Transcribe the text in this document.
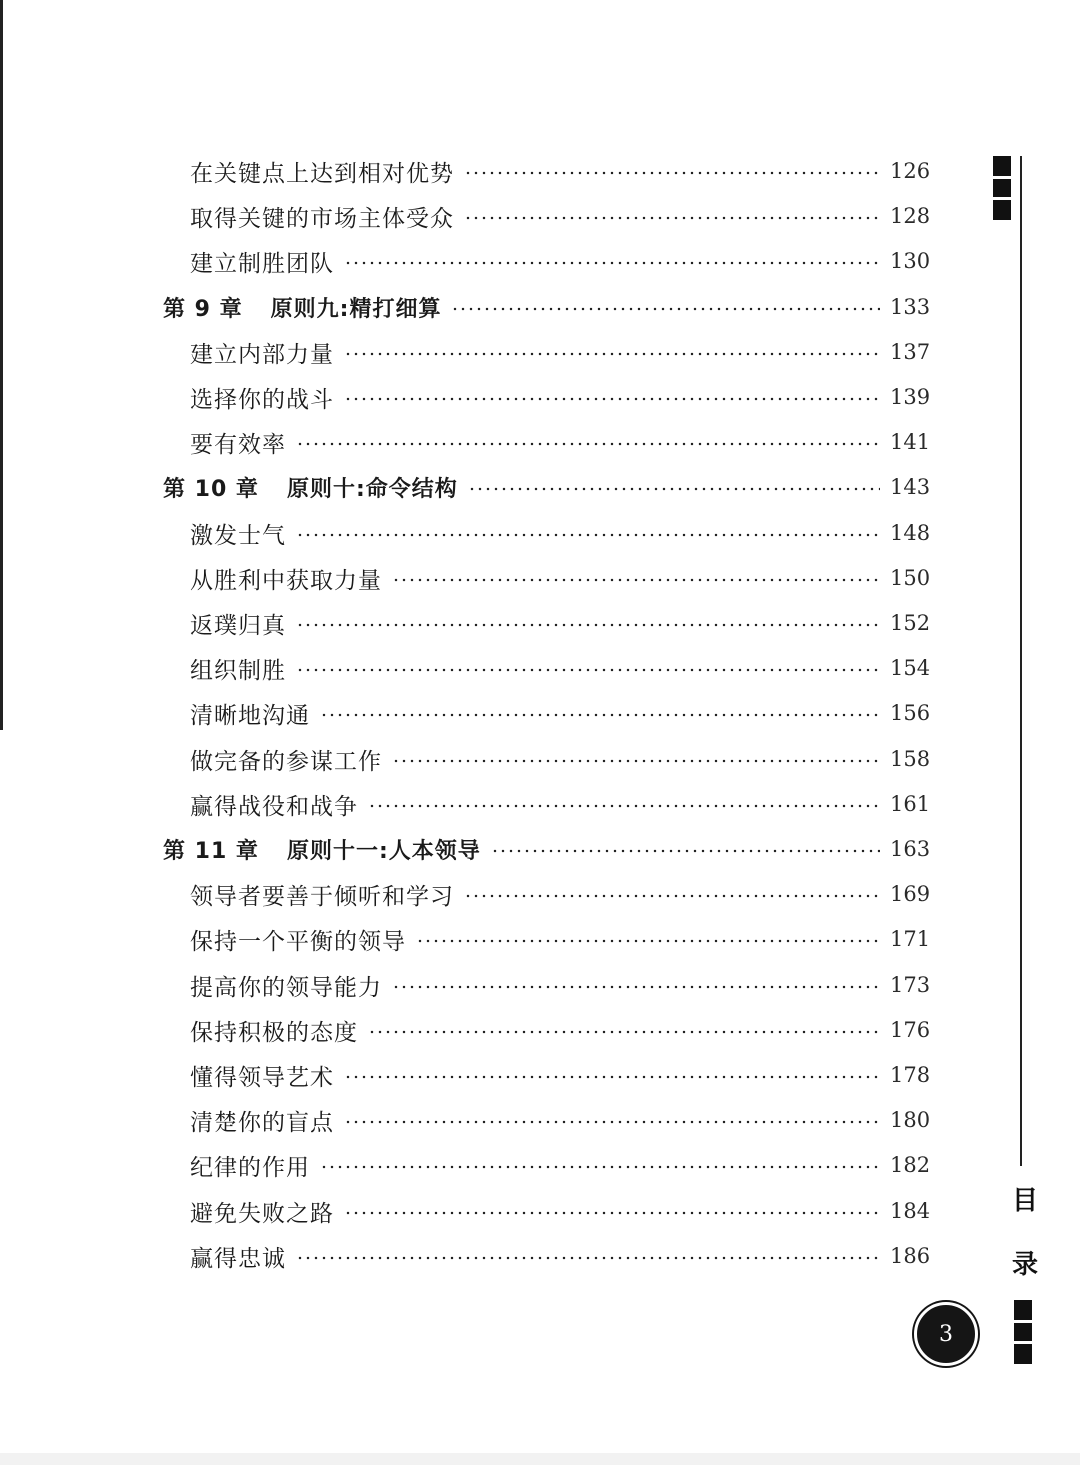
在关键点上达到相对优势	126
取得关键的市场主体受众	128
建立制胜团队	130
第 9 章 原则九:精打细算	133
建立内部力量	137
选择你的战斗	139
要有效率	141
第 10 章 原则十:命令结构	143
激发士气	148
从胜利中获取力量	150
返璞归真	152
组织制胜	154
清晰地沟通	156
做完备的参谋工作	158
赢得战役和战争	161
第 11 章 原则十一:人本领导	163
领导者要善于倾听和学习	169
保持一个平衡的领导	171
提高你的领导能力	173
保持积极的态度	176
懂得领导艺术	178
清楚你的盲点	180
纪律的作用	182
避免失败之路	184
赢得忠诚	186
目
录
3
